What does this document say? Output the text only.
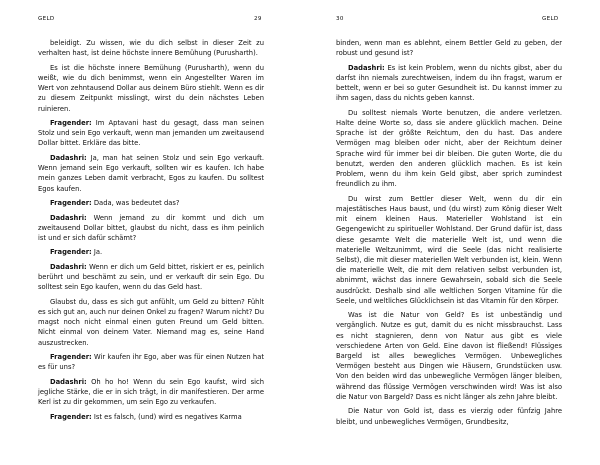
GELD	29

beleidigt. Zu wissen, wie du dich selbst in dieser Zeit zu verhalten hast, ist deine höchste innere Bemühung (Purusharth).

Es ist die höchste innere Bemühung (Purusharth), wenn du weißt, wie du dich benimmst, wenn ein Angestellter Waren im Wert von zehntausend Dollar aus deinem Büro stiehlt. Wenn es dir zu diesem Zeitpunkt misslingt, wirst du dein nächstes Leben ruinieren.

Fragender: Im Aptavani hast du gesagt, dass man seinen Stolz und sein Ego verkauft, wenn man jemanden um zweitausend Dollar bittet. Erkläre das bitte.

Dadashri: Ja, man hat seinen Stolz und sein Ego verkauft. Wenn jemand sein Ego verkauft, sollten wir es kaufen. Ich habe mein ganzes Leben damit verbracht, Egos zu kaufen. Du solltest Egos kaufen.

Fragender: Dada, was bedeutet das?

Dadashri: Wenn jemand zu dir kommt und dich um zweitausend Dollar bittet, glaubst du nicht, dass es ihm peinlich ist und er sich dafür schämt?

Fragender: Ja.

Dadashri: Wenn er dich um Geld bittet, riskiert er es, peinlich berührt und beschämt zu sein, und er verkauft dir sein Ego. Du solltest sein Ego kaufen, wenn du das Geld hast.

Glaubst du, dass es sich gut anfühlt, um Geld zu bitten? Fühlt es sich gut an, auch nur deinen Onkel zu fragen? Warum nicht? Du magst noch nicht einmal einen guten Freund um Geld bitten. Nicht einmal von deinem Vater. Niemand mag es, seine Hand auszustrecken.

Fragender: Wir kaufen ihr Ego, aber was für einen Nutzen hat es für uns?

Dadashri: Oh ho ho! Wenn du sein Ego kaufst, wird sich jegliche Stärke, die er in sich trägt, in dir manifestieren. Der arme Kerl ist zu dir gekommen, um sein Ego zu verkaufen.

Fragender: Ist es falsch, (und) wird es negatives Karma

30	GELD

binden, wenn man es ablehnt, einem Bettler Geld zu geben, der robust und gesund ist?

Dadashri: Es ist kein Problem, wenn du nichts gibst, aber du darfst ihn niemals zurechtweisen, indem du ihn fragst, warum er bettelt, wenn er bei so guter Gesundheit ist. Du kannst immer zu ihm sagen, dass du nichts geben kannst.

Du solltest niemals Worte benutzen, die andere verletzen. Halte deine Worte so, dass sie andere glücklich machen. Deine Sprache ist der größte Reichtum, den du hast. Das andere Vermögen mag bleiben oder nicht, aber der Reichtum deiner Sprache wird für immer bei dir bleiben. Die guten Worte, die du benutzt, werden den anderen glücklich machen. Es ist kein Problem, wenn du ihm kein Geld gibst, aber sprich zumindest freundlich zu ihm.

Du wirst zum Bettler dieser Welt, wenn du dir ein majestätisches Haus baust, und (du wirst) zum König dieser Welt mit einem kleinen Haus. Materieller Wohlstand ist ein Gegengewicht zu spiritueller Wohlstand. Der Grund dafür ist, dass diese gesamte Welt die materielle Welt ist, und wenn die materielle Weltzunimmt, wird die Seele (das nicht realisierte Selbst), die mit dieser materiellen Welt verbunden ist, klein. Wenn die materielle Welt, die mit dem relativen selbst verbunden ist, abnimmt, wächst das innere Gewahrsein, sobald sich die Seele ausdrückt. Deshalb sind alle weltlichen Sorgen Vitamine für die Seele, und weltliches Glücklichsein ist das Vitamin für den Körper.

Was ist die Natur von Geld? Es ist unbeständig und vergänglich. Nutze es gut, damit du es nicht missbrauchst. Lass es nicht stagnieren, denn von Natur aus gibt es viele verschiedene Arten von Geld. Eine davon ist fließend! Flüssiges Bargeld ist alles bewegliches Vermögen. Unbewegliches Vermögen besteht aus Dingen wie Häusern, Grundstücken usw. Von den beiden wird das unbewegliche Vermögen länger bleiben, während das flüssige Vermögen verschwinden wird! Was ist also die Natur von Bargeld? Dass es nicht länger als zehn Jahre bleibt.

Die Natur von Gold ist, dass es vierzig oder fünfzig Jahre bleibt, und unbewegliches Vermögen, Grundbesitz,
